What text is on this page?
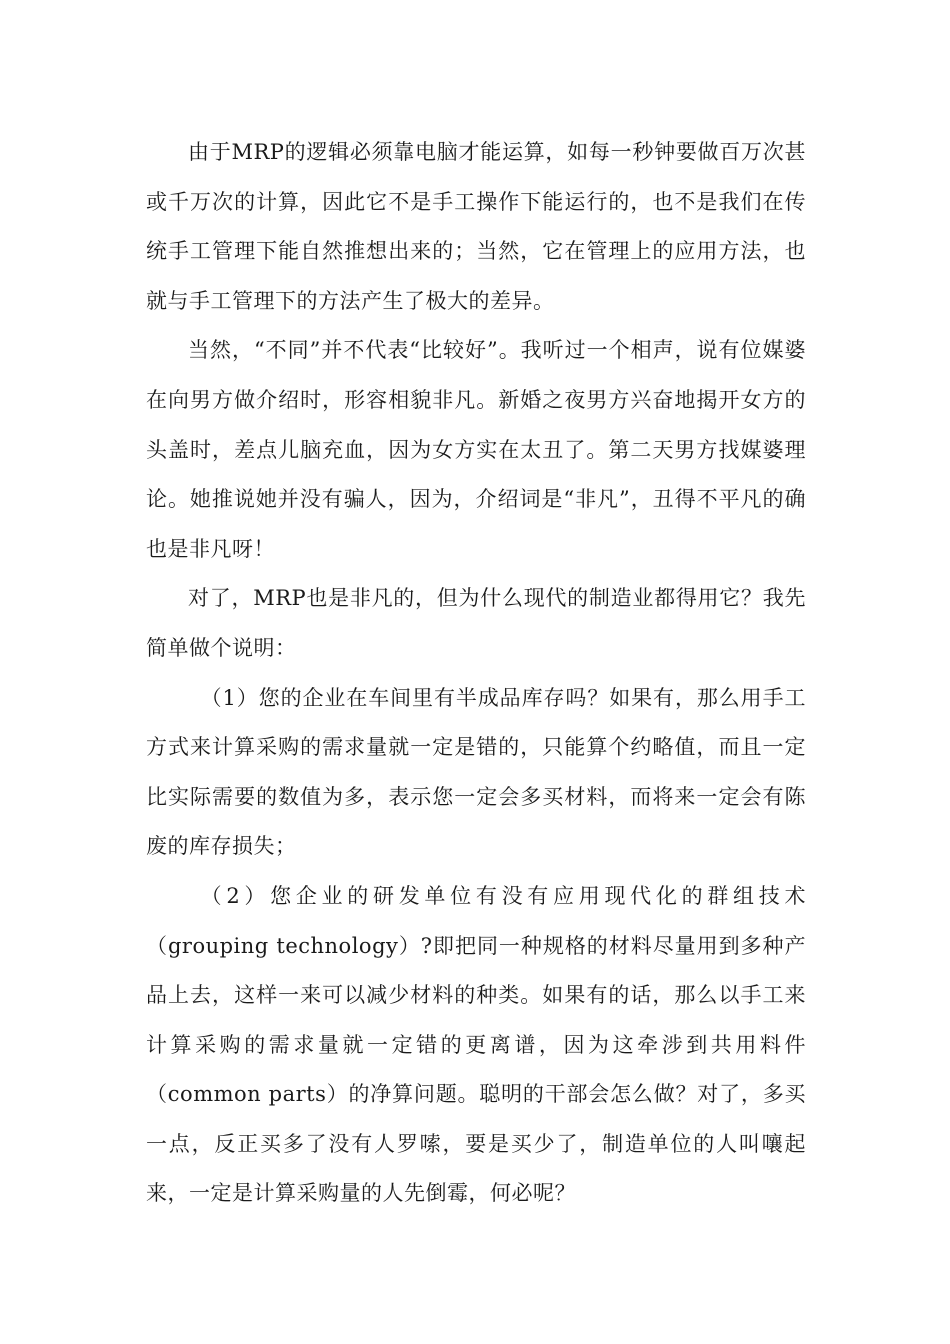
由于MRP的逻辑必须靠电脑才能运算，如每一秒钟要做百万次甚或千万次的计算，因此它不是手工操作下能运行的，也不是我们在传统手工管理下能自然推想出来的；当然，它在管理上的应用方法，也就与手工管理下的方法产生了极大的差异。

当然，“不同”并不代表“比较好”。我听过一个相声，说有位媒婆在向男方做介绍时，形容相貌非凡。新婚之夜男方兴奋地揭开女方的头盖时，差点儿脑充血，因为女方实在太丑了。第二天男方找媒婆理论。她推说她并没有骗人，因为，介绍词是“非凡”，丑得不平凡的确也是非凡呀！

对了，MRP也是非凡的，但为什么现代的制造业都得用它？我先简单做个说明：

（1）您的企业在车间里有半成品库存吗？如果有，那么用手工方式来计算采购的需求量就一定是错的，只能算个约略值，而且一定比实际需要的数值为多，表示您一定会多买材料，而将来一定会有陈废的库存损失；

（2）您企业的研发单位有没有应用现代化的群组技术（grouping technology）?即把同一种规格的材料尽量用到多种产品上去，这样一来可以减少材料的种类。如果有的话，那么以手工来计算采购的需求量就一定错的更离谱，因为这牵涉到共用料件（common parts）的净算问题。聪明的干部会怎么做？对了，多买一点，反正买多了没有人罗嗦，要是买少了，制造单位的人叫嚷起来，一定是计算采购量的人先倒霉，何必呢？
